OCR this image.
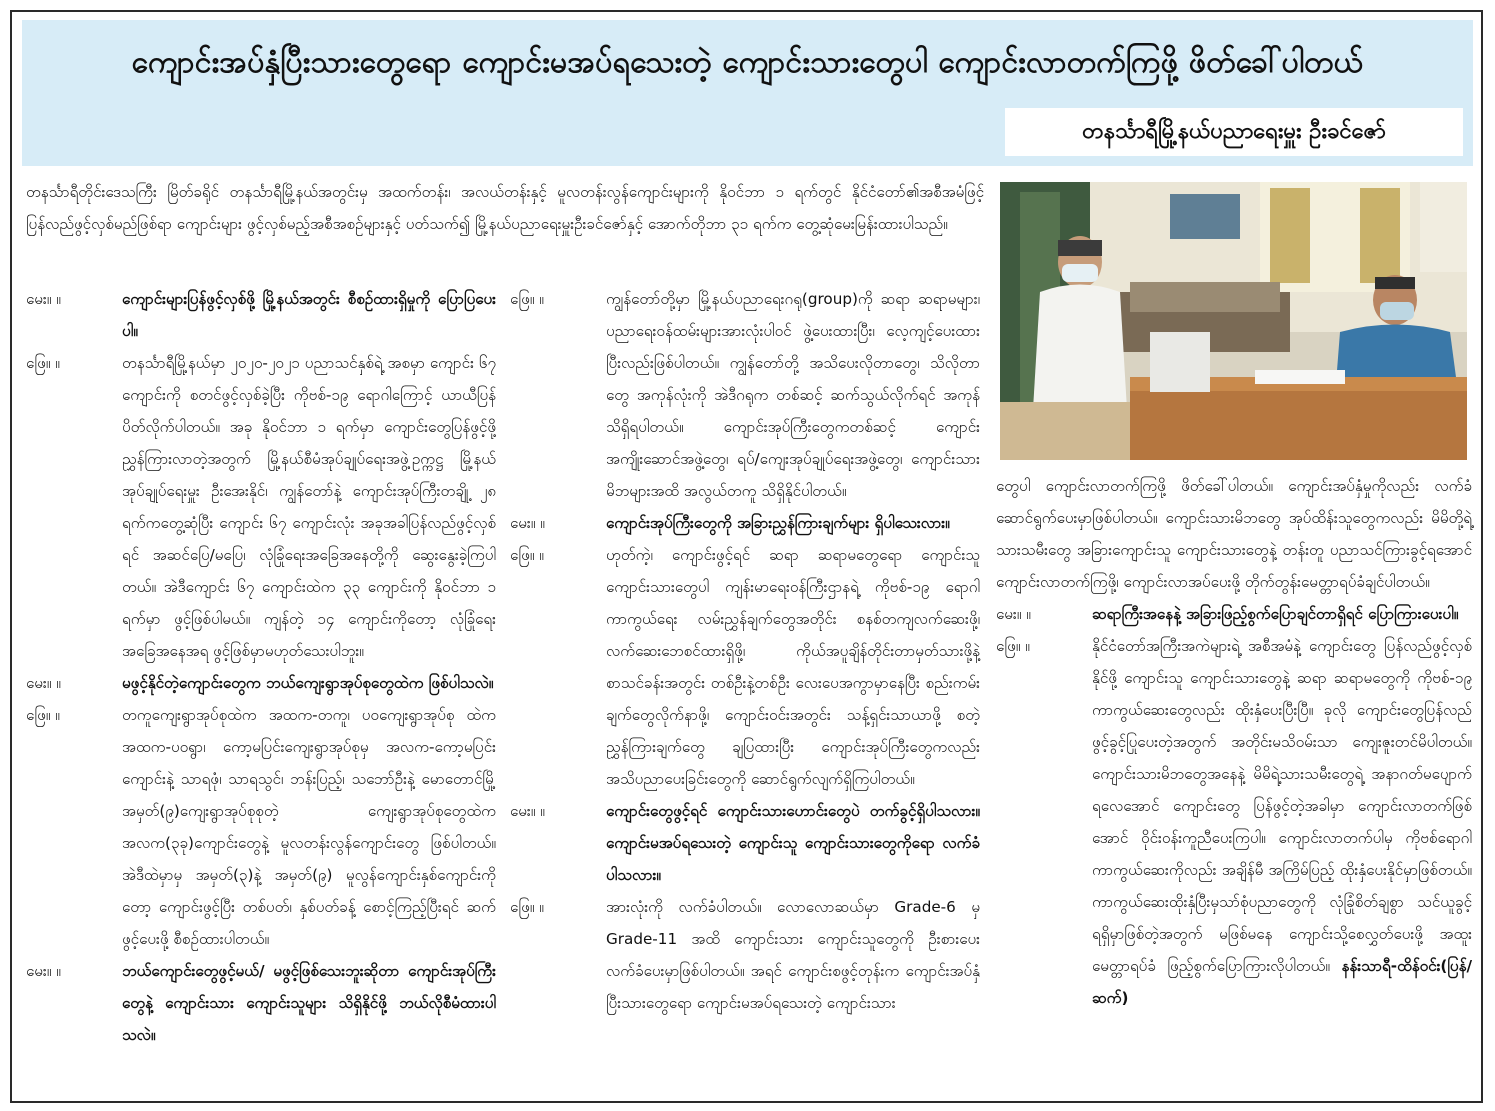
ကျောင်းအပ်နှံပြီးသားတွေရော ကျောင်းမအပ်ရသေးတဲ့ ကျောင်းသားတွေပါ ကျောင်းလာတက်ကြဖို့ ဖိတ်ခေါ်ပါတယ်
တနင်္သာရီမြို့နယ်ပညာရေးမှူး ဦးခင်ဇော်
တနင်္သာရီတိုင်းဒေသကြီး မြိတ်ခရိုင် တနင်္သာရီမြို့နယ်အတွင်းမှ အထက်တန်း၊ အလယ်တန်းနှင့် မူလတန်းလွန်ကျောင်းများကို နိုဝင်ဘာ ၁ ရက်တွင် နိုင်ငံတော်၏အစီအမံဖြင့် ပြန်လည်ဖွင့်လှစ်မည်ဖြစ်ရာ ကျောင်းများ ဖွင့်လှစ်မည့်အစီအစဉ်များနှင့် ပတ်သက်၍ မြို့နယ်ပညာရေးမှူးဦးခင်ဇော်နှင့် အောက်တိုဘာ ၃၁ ရက်က တွေ့ဆုံမေးမြန်းထားပါသည်။
မေး။ ။	ကျောင်းများပြန်ဖွင့်လှစ်ဖို့ မြို့နယ်အတွင်း စီစဉ်ထားရှိမှုကို ပြောပြပေးပါ။
ဖြေ။ ။	တနင်္သာရီမြို့နယ်မှာ ၂၀၂၀-၂၀၂၁ ပညာသင်နှစ်ရဲ့ အစမှာ ကျောင်း ၆၇ ကျောင်းကို စတင်ဖွင့်လှစ်ခဲ့ပြီး ကိုဗစ်-၁၉ ရောဂါကြောင့် ယာယီပြန်ပိတ်လိုက်ပါတယ်။ အခု နိုဝင်ဘာ ၁ ရက်မှာ ကျောင်းတွေပြန်ဖွင့်ဖို့ ညွှန်ကြားလာတဲ့အတွက် မြို့နယ်စီမံအုပ်ချုပ်ရေးအဖွဲ့ဥက္ကဋ္ဌ မြို့နယ်အုပ်ချုပ်ရေးမှူး ဦးအေးနိုင်၊ ကျွန်တော်နဲ့ ကျောင်းအုပ်ကြီးတချို့ ၂၈ ရက်ကတွေ့ဆုံပြီး ကျောင်း ၆၇ ကျောင်းလုံး အခုအခါပြန်လည်ဖွင့်လှစ်ရင် အဆင်ပြေ/မပြေ၊ လုံခြုံရေးအခြေအနေတို့ကို ဆွေးနွေးခဲ့ကြပါတယ်။ အဲဒီကျောင်း ၆၇ ကျောင်းထဲက ၃၃ ကျောင်းကို နိုဝင်ဘာ ၁ ရက်မှာ ဖွင့်ဖြစ်ပါမယ်။ ကျန်တဲ့ ၁၄ ကျောင်းကိုတော့ လုံခြုံရေးအခြေအနေအရ ဖွင့်ဖြစ်မှာမဟုတ်သေးပါဘူး။
မေး။ ။	မဖွင့်နိုင်တဲ့ကျောင်းတွေက ဘယ်ကျေးရွာအုပ်စုတွေထဲက ဖြစ်ပါသလဲ။
ဖြေ။ ။	တကူကျေးရွာအုပ်စုထဲက အထက-တကူ၊ ပဝကျေးရွာအုပ်စု ထဲက အထက-ပဝရွာ၊ ကော့မပြင်းကျေးရွာအုပ်စုမှ အလက-ကော့မပြင်းကျောင်းနဲ့ သာရဖုံ၊ သာရသွင်၊ ဘန်းပြည့်၊ သဘော်ဦးနဲ့ မောတောင်မြို့ အမှတ်(၉)ကျေးရွာအုပ်စုစုတဲ့ ကျေးရွာအုပ်စုတွေထဲက အလက(၃ခု)ကျောင်းတွေနဲ့ မူလတန်းလွန်ကျောင်းတွေ ဖြစ်ပါတယ်။ အဲဒီထဲမှာမှ အမှတ်(၃)နဲ့ အမှတ်(၉) မူလွန်ကျောင်းနှစ်ကျောင်းကိုတော့ ကျောင်းဖွင့်ပြီး တစ်ပတ်၊ နှစ်ပတ်ခန့် စောင့်ကြည့်ပြီးရင် ဆက်ဖွင့်ပေးဖို့ စီစဉ်ထားပါတယ်။
မေး။ ။	ဘယ်ကျောင်းတွေဖွင့်မယ်/ မဖွင့်ဖြစ်သေးဘူးဆိုတာ ကျောင်းအုပ်ကြီးတွေနဲ့ ကျောင်းသား ကျောင်းသူများ သိရှိနိုင်ဖို့ ဘယ်လိုစီမံထားပါသလဲ။
ဖြေ။ ။	ကျွန်တော်တို့မှာ မြို့နယ်ပညာရေးဂရု(group)ကို ဆရာ ဆရာမများ၊ ပညာရေးဝန်ထမ်းများအားလုံးပါဝင် ဖွဲ့ပေးထားပြီး၊ လေ့ကျင့်ပေးထားပြီးလည်းဖြစ်ပါတယ်။ ကျွန်တော်တို့ အသိပေးလိုတာတွေ၊ သိလိုတာတွေ အကုန်လုံးကို အဲဒီဂရုက တစ်ဆင့် ဆက်သွယ်လိုက်ရင် အကုန်သိရှိရပါတယ်။ ကျောင်းအုပ်ကြီးတွေကတစ်ဆင့် ကျောင်းအကျိုးဆောင်အဖွဲ့တွေ၊ ရပ်/ကျေးအုပ်ချုပ်ရေးအဖွဲ့တွေ၊ ကျောင်းသားမိဘများအထိ အလွယ်တကူ သိရှိနိုင်ပါတယ်။
မေး။ ။	ကျောင်းအုပ်ကြီးတွေကို အခြားညွှန်ကြားချက်များ ရှိပါသေးလား။
ဖြေ။ ။	ဟုတ်ကဲ့၊ ကျောင်းဖွင့်ရင် ဆရာ ဆရာမတွေရော ကျောင်းသူ ကျောင်းသားတွေပါ ကျန်းမာရေးဝန်ကြီးဌာနရဲ့ ကိုဗစ်-၁၉ ရောဂါကာကွယ်ရေး လမ်းညွှန်ချက်တွေအတိုင်း စနစ်တကျလက်ဆေးဖို့၊ လက်ဆေးဘေစင်ထားရှိဖို့၊ ကိုယ်အပူချိန်တိုင်းတာမှတ်သားဖို့နဲ့ စာသင်ခန်းအတွင်း တစ်ဦးနဲ့တစ်ဦး လေးပေအကွာမှာနေပြီး စည်းကမ်းချက်တွေလိုက်နာဖို့၊ ကျောင်းဝင်းအတွင်း သန့်ရှင်းသာယာဖို့ စတဲ့ ညွှန်ကြားချက်တွေ ချပြထားပြီး ကျောင်းအုပ်ကြီးတွေကလည်း အသိပညာပေးခြင်းတွေကို ဆောင်ရွက်လျက်ရှိကြပါတယ်။
မေး။ ။	ကျောင်းတွေဖွင့်ရင် ကျောင်းသားဟောင်းတွေပဲ တက်ခွင့်ရှိပါသလား။ ကျောင်းမအပ်ရသေးတဲ့ ကျောင်းသူ ကျောင်းသားတွေကိုရော လက်ခံပါသလား။
ဖြေ။ ။	အားလုံးကို လက်ခံပါတယ်။ လောလောဆယ်မှာ Grade-6 မှ Grade-11 အထိ ကျောင်းသား ကျောင်းသူတွေကို ဦးစားပေး လက်ခံပေးမှာဖြစ်ပါတယ်။ အရင် ကျောင်းစဖွင့်တုန်းက ကျောင်းအပ်နှံပြီးသားတွေရော ကျောင်းမအပ်ရသေးတဲ့ ကျောင်းသား
တွေပါ ကျောင်းလာတက်ကြဖို့ ဖိတ်ခေါ်ပါတယ်။ ကျောင်းအပ်နှံမှုကိုလည်း လက်ခံဆောင်ရွက်ပေးမှာဖြစ်ပါတယ်။ ကျောင်းသားမိဘတွေ အုပ်ထိန်းသူတွေကလည်း မိမိတို့ရဲ့ သားသမီးတွေ အခြားကျောင်းသူ ကျောင်းသားတွေနဲ့ တန်းတူ ပညာသင်ကြားခွင့်ရအောင် ကျောင်းလာတက်ကြဖို့၊ ကျောင်းလာအပ်ပေးဖို့ တိုက်တွန်းမေတ္တာရပ်ခံချင်ပါတယ်။
မေး။ ။	ဆရာကြီးအနေနဲ့ အခြားဖြည့်စွက်ပြောချင်တာရှိရင် ပြောကြားပေးပါ။
ဖြေ။ ။	နိုင်ငံတော်အကြီးအကဲများရဲ့ အစီအမံနဲ့ ကျောင်းတွေ ပြန်လည်ဖွင့်လှစ်နိုင်ဖို့ ကျောင်းသူ ကျောင်းသားတွေနဲ့ ဆရာ ဆရာမတွေကို ကိုဗစ်-၁၉ ကာကွယ်ဆေးတွေလည်း ထိုးနှံပေးပြီးပြီ။ ခုလို ကျောင်းတွေပြန်လည်ဖွင့်ခွင့်ပြုပေးတဲ့အတွက် အတိုင်းမသိဝမ်းသာ ကျေးဇူးတင်မိပါတယ်။ ကျောင်းသားမိဘတွေအနေနဲ့ မိမိရဲ့သားသမီးတွေရဲ့ အနာဂတ်မပျောက်ရလေအောင် ကျောင်းတွေ ပြန်ဖွင့်တဲ့အခါမှာ ကျောင်းလာတက်ဖြစ်အောင် ဝိုင်းဝန်းကူညီပေးကြပါ။ ကျောင်းလာတက်ပါမှ ကိုဗစ်ရောဂါကာကွယ်ဆေးကိုလည်း အချိန်မီ အကြိမ်ပြည့် ထိုးနှံပေးနိုင်မှာဖြစ်တယ်။ ကာကွယ်ဆေးထိုးနှံပြီးမှသာ်စုံပညာတွေကို လုံခြုံစိတ်ချစွာ သင်ယူခွင့်ရရှိမှာဖြစ်တဲ့အတွက် မဖြစ်မနေ ကျောင်းသို့စေလွှတ်ပေးဖို့ အထူးမေတ္တာရပ်ခံ ဖြည့်စွက်ပြောကြားလိုပါတယ်။ နန်းသာရီ-ထိန်ဝင်း(ပြန်/ဆက်)
